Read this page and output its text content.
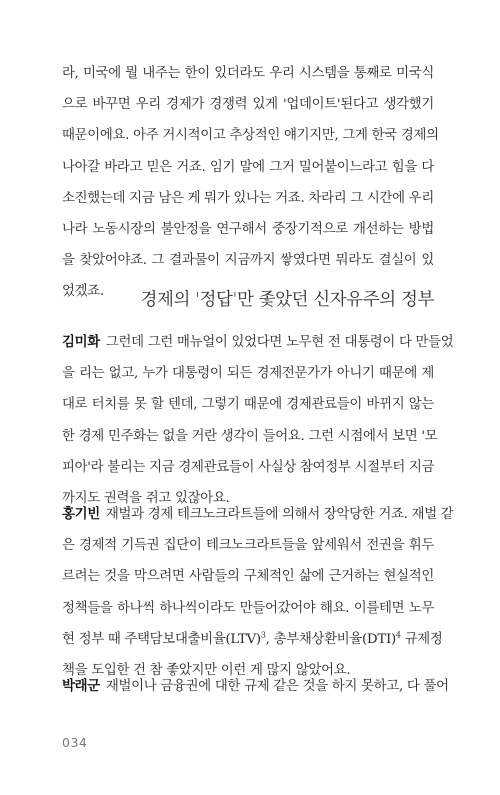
라, 미국에 뭘 내주는 한이 있더라도 우리 시스템을 통째로 미국식
으로 바꾸면 우리 경제가 경쟁력 있게 '업데이트'된다고 생각했기
때문이에요. 아주 거시적이고 추상적인 얘기지만, 그게 한국 경제의
나아갈 바라고 믿은 거죠. 임기 말에 그거 밀어붙이느라고 힘을 다
소진했는데 지금 남은 게 뭐가 있나는 거죠. 차라리 그 시간에 우리
나라 노동시장의 불안정을 연구해서 중장기적으로 개선하는 방법
을 찾았어야죠. 그 결과물이 지금까지 쌓였다면 뭐라도 결실이 있
었겠죠.	경제의 '정답'만 좇았던 신자유주의 정부
김미화 그런데 그런 매뉴얼이 있었다면 노무현 전 대통령이 다 만들었
을 리는 없고, 누가 대통령이 되든 경제전문가가 아니기 때문에 제
대로 터치를 못 할 텐데, 그렇기 때문에 경제관료들이 바뀌지 않는
한 경제 민주화는 없을 거란 생각이 들어요. 그런 시점에서 보면 '모
피아'라 불리는 지금 경제관료들이 사실상 참여정부 시절부터 지금
까지도 권력을 쥐고 있잖아요.
홍기빈 재벌과 경제 테크노크라트들에 의해서 장악당한 거죠. 재벌 같
은 경제적 기득권 집단이 테크노크라트들을 앞세워서 전권을 휘두
르려는 것을 막으려면 사람들의 구체적인 삶에 근거하는 현실적인
정책들을 하나씩 하나씩이라도 만들어갔어야 해요. 이를테면 노무
현 정부 때 주택담보대출비율(LTV)$^3$, 총부채상환비율(DTI)$^4$ 규제정
책을 도입한 건 참 좋았지만 이런 게 많지 않았어요.
박래군 재벌이나 금융권에 대한 규제 같은 것을 하지 못하고, 다 풀어
034
